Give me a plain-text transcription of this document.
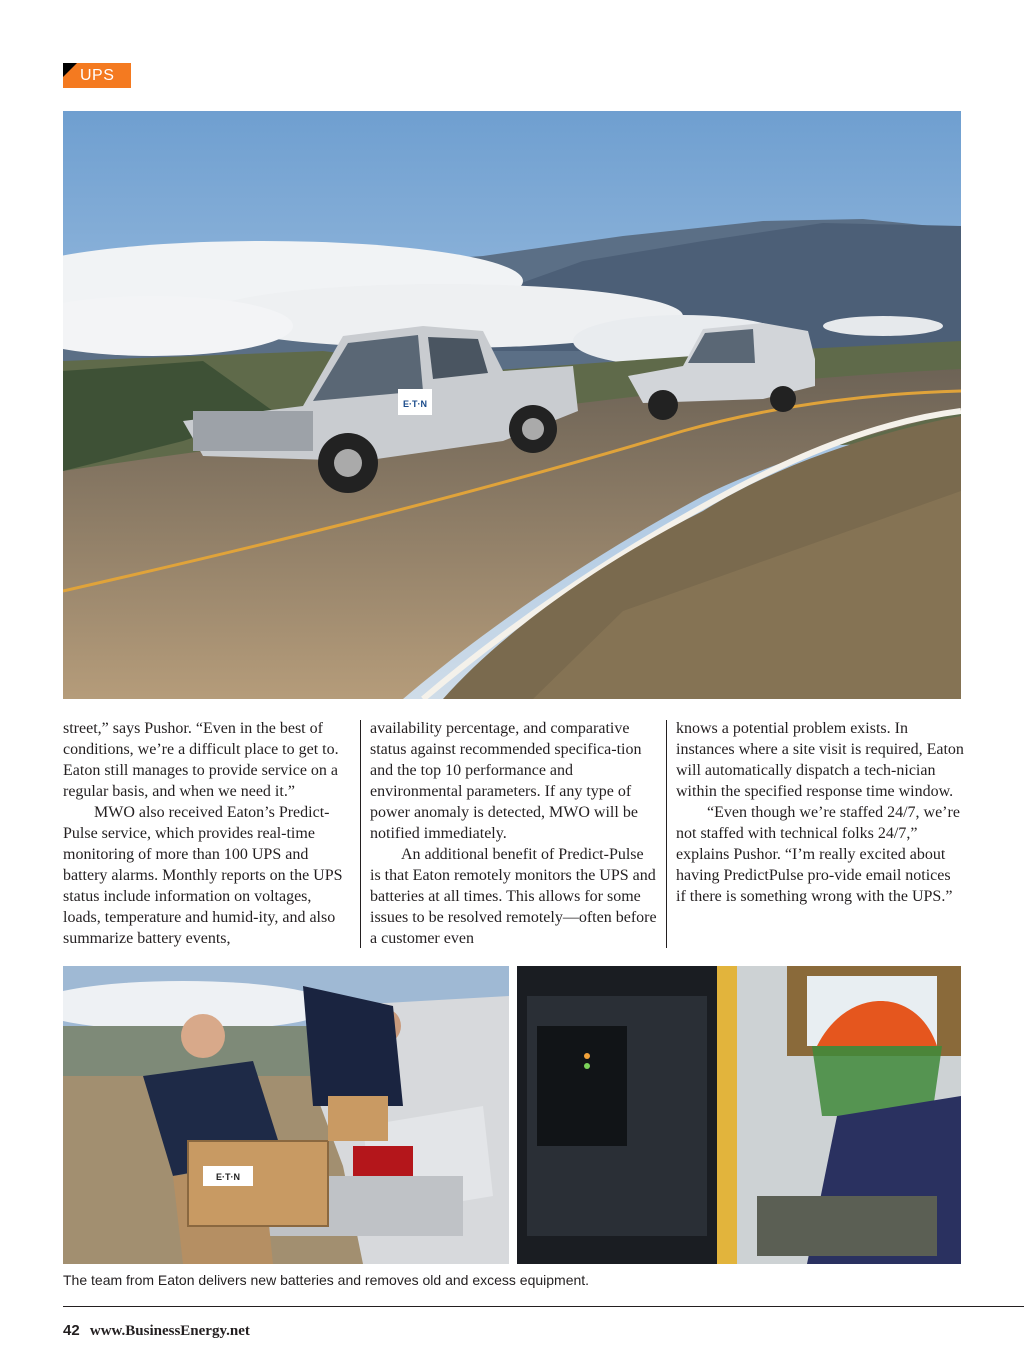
UPS
E·T·N

street,” says Pushor. “Even in the best of conditions, we’re a difficult place to get to. Eaton still manages to provide service on a regular basis, and when we need it.”

MWO also received Eaton’s Predict-Pulse service, which provides real-time monitoring of more than 100 UPS and battery alarms. Monthly reports on the UPS status include information on voltages, loads, temperature and humid-ity, and also summarize battery events,

availability percentage, and comparative status against recommended specifica-tion and the top 10 performance and environmental parameters. If any type of power anomaly is detected, MWO will be notified immediately.

An additional benefit of Predict-Pulse is that Eaton remotely monitors the UPS and batteries at all times. This allows for some issues to be resolved remotely—often before a customer even

knows a potential problem exists. In instances where a site visit is required, Eaton will automatically dispatch a tech-nician within the specified response time window.

“Even though we’re staffed 24/7, we’re not staffed with technical folks 24/7,” explains Pushor. “I’m really excited about having PredictPulse pro-vide email notices if there is something wrong with the UPS.”

E·T·N
The team from Eaton delivers new batteries and removes old and excess equipment.
42 www.BusinessEnergy.net
